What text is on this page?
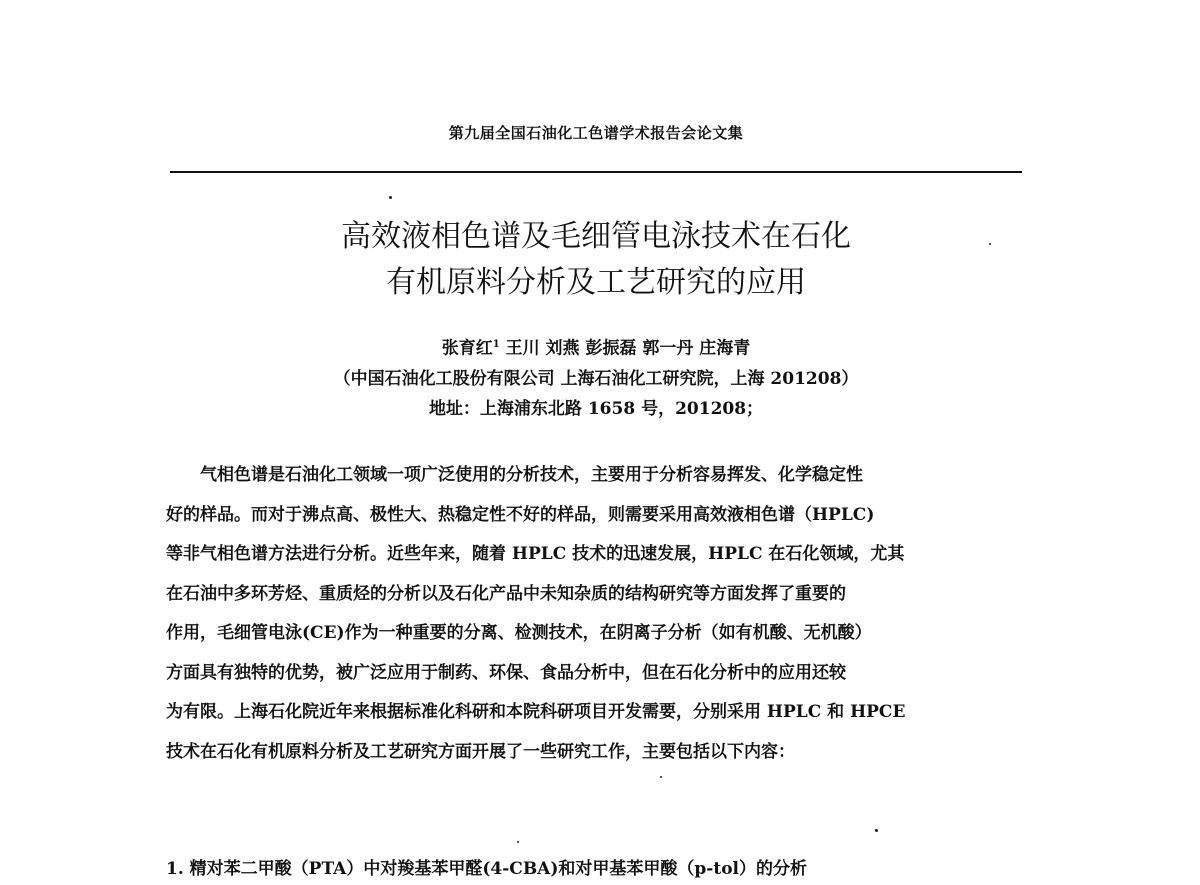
第九届全国石油化工色谱学术报告会论文集
高效液相色谱及毛细管电泳技术在石化
有机原料分析及工艺研究的应用
张育红$^1$ 王川 刘燕 彭振磊 郭一丹 庄海青
（中国石油化工股份有限公司 上海石油化工研究院，上海 201208）
地址：上海浦东北路 1658 号，201208；
　　气相色谱是石油化工领域一项广泛使用的分析技术，主要用于分析容易挥发、化学稳定性
好的样品。而对于沸点高、极性大、热稳定性不好的样品，则需要采用高效液相色谱（HPLC)
等非气相色谱方法进行分析。近些年来，随着 HPLC 技术的迅速发展，HPLC 在石化领域，尤其
在石油中多环芳烃、重质烃的分析以及石化产品中未知杂质的结构研究等方面发挥了重要的
作用，毛细管电泳(CE)作为一种重要的分离、检测技术，在阴离子分析（如有机酸、无机酸）
方面具有独特的优势，被广泛应用于制药、环保、食品分析中，但在石化分析中的应用还较
为有限。上海石化院近年来根据标准化科研和本院科研项目开发需要，分别采用 HPLC 和 HPCE
技术在石化有机原料分析及工艺研究方面开展了一些研究工作，主要包括以下内容：
1. 精对苯二甲酸（PTA）中对羧基苯甲醛(4-CBA)和对甲基苯甲酸（p-tol）的分析
